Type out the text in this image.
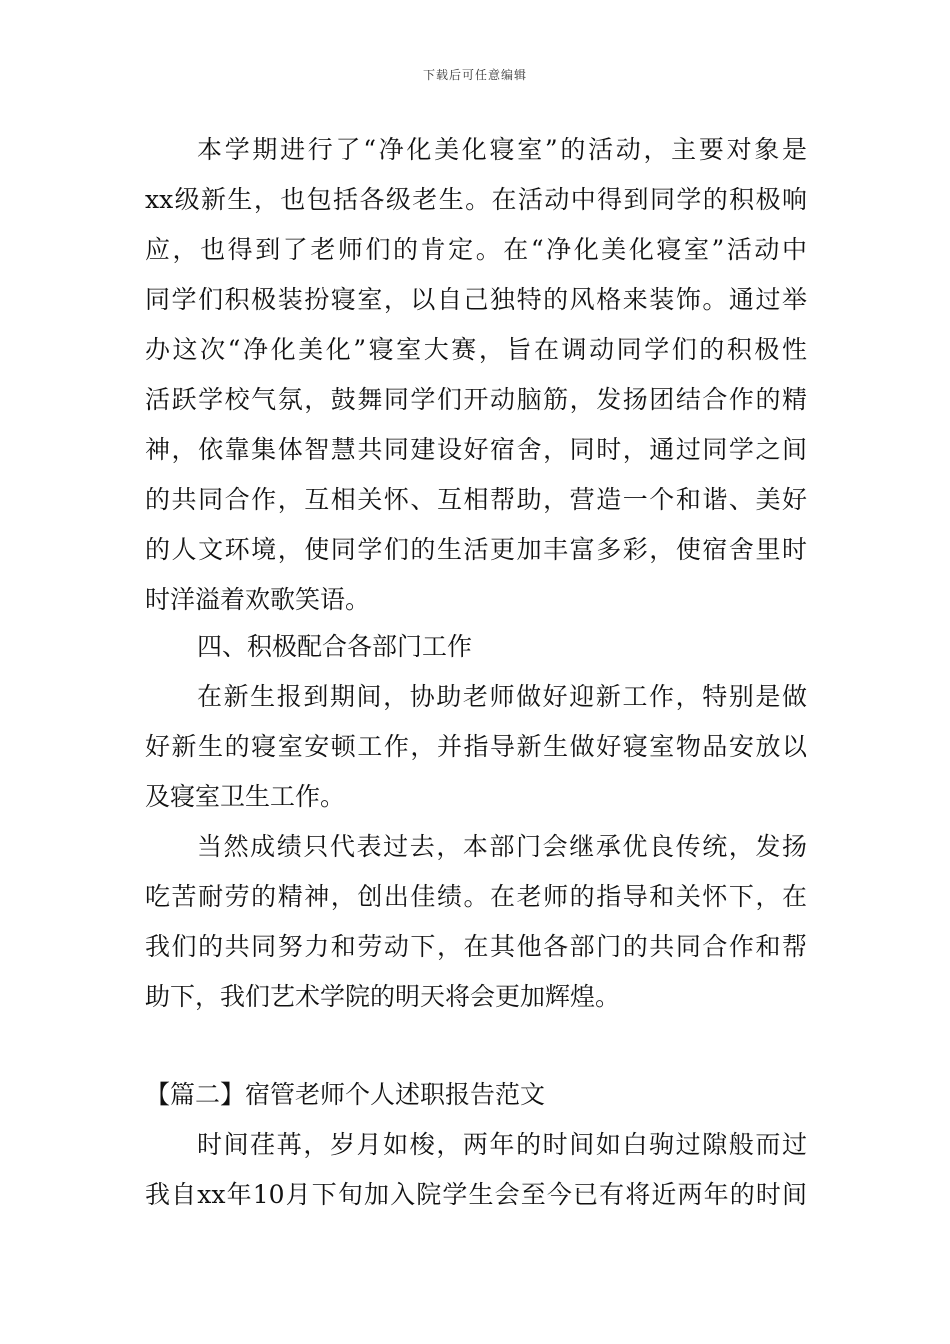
下载后可任意编辑
本学期进行了“净化美化寝室”的活动，主要对象是
xx级新生，也包括各级老生。在活动中得到同学的积极响
应，也得到了老师们的肯定。在“净化美化寝室”活动中
同学们积极装扮寝室，以自己独特的风格来装饰。通过举
办这次“净化美化”寝室大赛，旨在调动同学们的积极性
活跃学校气氛，鼓舞同学们开动脑筋，发扬团结合作的精
神，依靠集体智慧共同建设好宿舍，同时，通过同学之间
的共同合作，互相关怀、互相帮助，营造一个和谐、美好
的人文环境，使同学们的生活更加丰富多彩，使宿舍里时
时洋溢着欢歌笑语。
四、积极配合各部门工作
在新生报到期间，协助老师做好迎新工作，特别是做
好新生的寝室安顿工作，并指导新生做好寝室物品安放以
及寝室卫生工作。
当然成绩只代表过去，本部门会继承优良传统，发扬
吃苦耐劳的精神，创出佳绩。在老师的指导和关怀下，在
我们的共同努力和劳动下，在其他各部门的共同合作和帮
助下，我们艺术学院的明天将会更加辉煌。
【篇二】宿管老师个人述职报告范文
时间荏苒，岁月如梭，两年的时间如白驹过隙般而过
我自xx年10月下旬加入院学生会至今已有将近两年的时间
